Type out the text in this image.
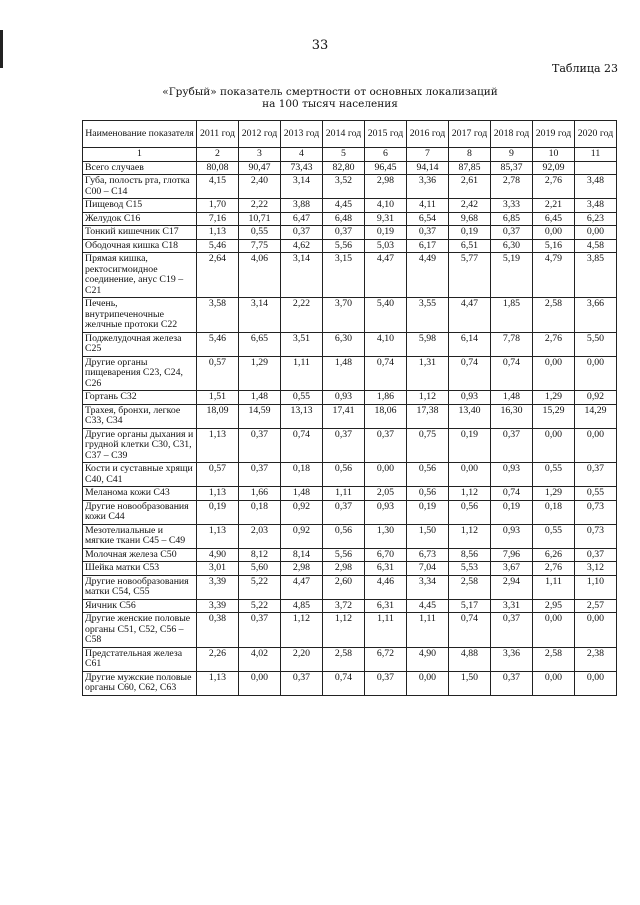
33
Таблица 23
«Грубый» показатель смертности от основных локализаций
на 100 тысяч населения
Наименование показателя	2011 год	2012 год	2013 год	2014 год	2015 год	2016 год	2017 год	2018 год	2019 год	2020 год
1	2	3	4	5	6	7	8	9	10	11
Всего случаев	80,08	90,47	73,43	82,80	96,45	94,14	87,85	85,37	92,09	
Губа, полость рта, глотка С00 – С14	4,15	2,40	3,14	3,52	2,98	3,36	2,61	2,78	2,76	3,48
Пищевод С15	1,70	2,22	3,88	4,45	4,10	4,11	2,42	3,33	2,21	3,48
Желудок С16	7,16	10,71	6,47	6,48	9,31	6,54	9,68	6,85	6,45	6,23
Тонкий кишечник С17	1,13	0,55	0,37	0,37	0,19	0,37	0,19	0,37	0,00	0,00
Ободочная кишка С18	5,46	7,75	4,62	5,56	5,03	6,17	6,51	6,30	5,16	4,58
Прямая кишка, ректосигмоидное соединение, анус С19 – С21	2,64	4,06	3,14	3,15	4,47	4,49	5,77	5,19	4,79	3,85
Печень, внутрипеченочные желчные протоки С22	3,58	3,14	2,22	3,70	5,40	3,55	4,47	1,85	2,58	3,66
Поджелудочная железа С25	5,46	6,65	3,51	6,30	4,10	5,98	6,14	7,78	2,76	5,50
Другие органы пищеварения С23, С24, С26	0,57	1,29	1,11	1,48	0,74	1,31	0,74	0,74	0,00	0,00
Гортань С32	1,51	1,48	0,55	0,93	1,86	1,12	0,93	1,48	1,29	0,92
Трахея, бронхи, легкое С33, С34	18,09	14,59	13,13	17,41	18,06	17,38	13,40	16,30	15,29	14,29
Другие органы дыхания и грудной клетки С30, С31, С37 – С39	1,13	0,37	0,74	0,37	0,37	0,75	0,19	0,37	0,00	0,00
Кости и суставные хрящи С40, С41	0,57	0,37	0,18	0,56	0,00	0,56	0,00	0,93	0,55	0,37
Меланома кожи С43	1,13	1,66	1,48	1,11	2,05	0,56	1,12	0,74	1,29	0,55
Другие новообразования кожи С44	0,19	0,18	0,92	0,37	0,93	0,19	0,56	0,19	0,18	0,73
Мезотелиальные и мягкие ткани С45 – С49	1,13	2,03	0,92	0,56	1,30	1,50	1,12	0,93	0,55	0,73
Молочная железа С50	4,90	8,12	8,14	5,56	6,70	6,73	8,56	7,96	6,26	0,37
Шейка матки С53	3,01	5,60	2,98	2,98	6,31	7,04	5,53	3,67	2,76	3,12
Другие новообразования матки С54, С55	3,39	5,22	4,47	2,60	4,46	3,34	2,58	2,94	1,11	1,10
Яичник С56	3,39	5,22	4,85	3,72	6,31	4,45	5,17	3,31	2,95	2,57
Другие женские половые органы С51, С52, С56 – С58	0,38	0,37	1,12	1,12	1,11	1,11	0,74	0,37	0,00	0,00
Предстательная железа С61	2,26	4,02	2,20	2,58	6,72	4,90	4,88	3,36	2,58	2,38
Другие мужские половые органы С60, С62, С63	1,13	0,00	0,37	0,74	0,37	0,00	1,50	0,37	0,00	0,00
